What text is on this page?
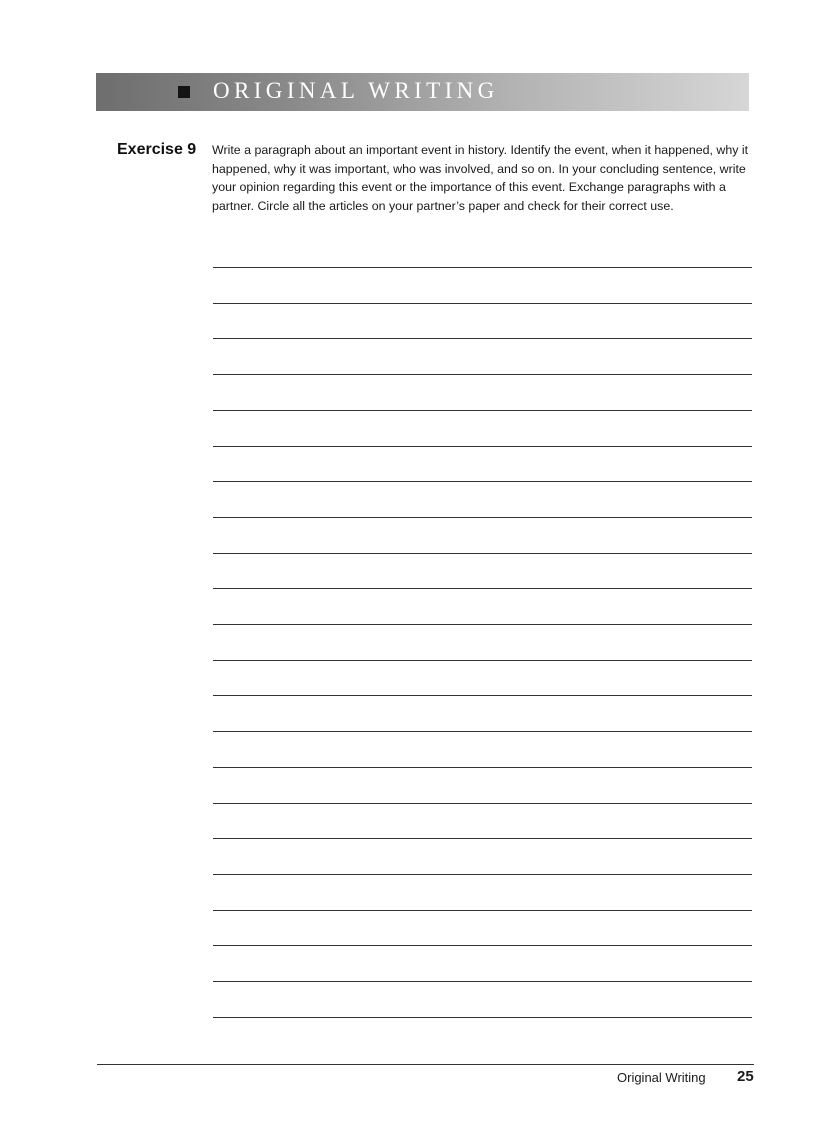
ORIGINAL WRITING
Exercise 9 Write a paragraph about an important event in history. Identify the event, when it happened, why it happened, why it was important, who was involved, and so on. In your concluding sentence, write your opinion regarding this event or the importance of this event. Exchange paragraphs with a partner. Circle all the articles on your partner’s paper and check for their correct use.
Original Writing 25
